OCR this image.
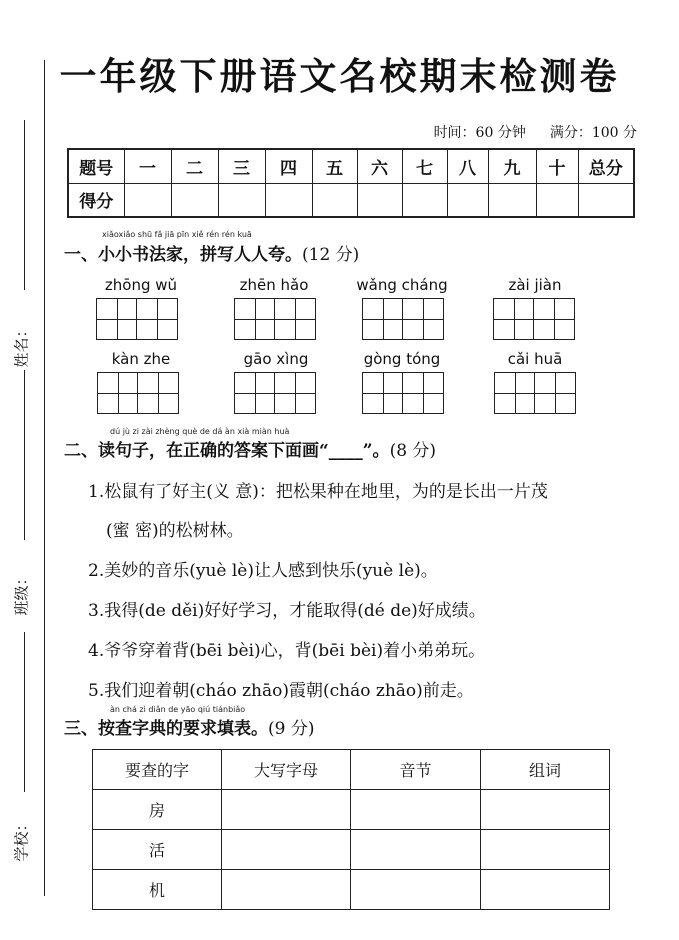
姓名：
班级：
学校：
一年级下册语文名校期末检测卷
时间：60 分钟 满分：100 分
题号	一	二	三	四	五	六	七	八	九	十	总分
得分											
xiǎoxiǎo shū fǎ jiā pīn xiě rén rén kuā
一、小小书法家，拼写人人夸。(12 分)
zhōng wǔ	zhēn hǎo	wǎng cháng	zài jiàn
kàn zhe	gāo xìng	gòng tóng	cǎi huā
dú jù zi zài zhèng què de dá àn xià miàn huà
二、读句子，在正确的答案下面画“____”。(8 分)
1.松鼠有了好主(义 意)：把松果种在地里，为的是长出一片茂
(蜜 密)的松树林。
2.美妙的音乐(yuè lè)让人感到快乐(yuè lè)。
3.我得(de děi)好好学习，才能取得(dé de)好成绩。
4.爷爷穿着背(bēi bèi)心，背(bēi bèi)着小弟弟玩。
5.我们迎着朝(cháo zhāo)霞朝(cháo zhāo)前走。
àn chá zì diǎn de yāo qiú tiánbiǎo
三、按查字典的要求填表。(9 分)
要查的字	大写字母	音节	组词
房			
活			
机			
